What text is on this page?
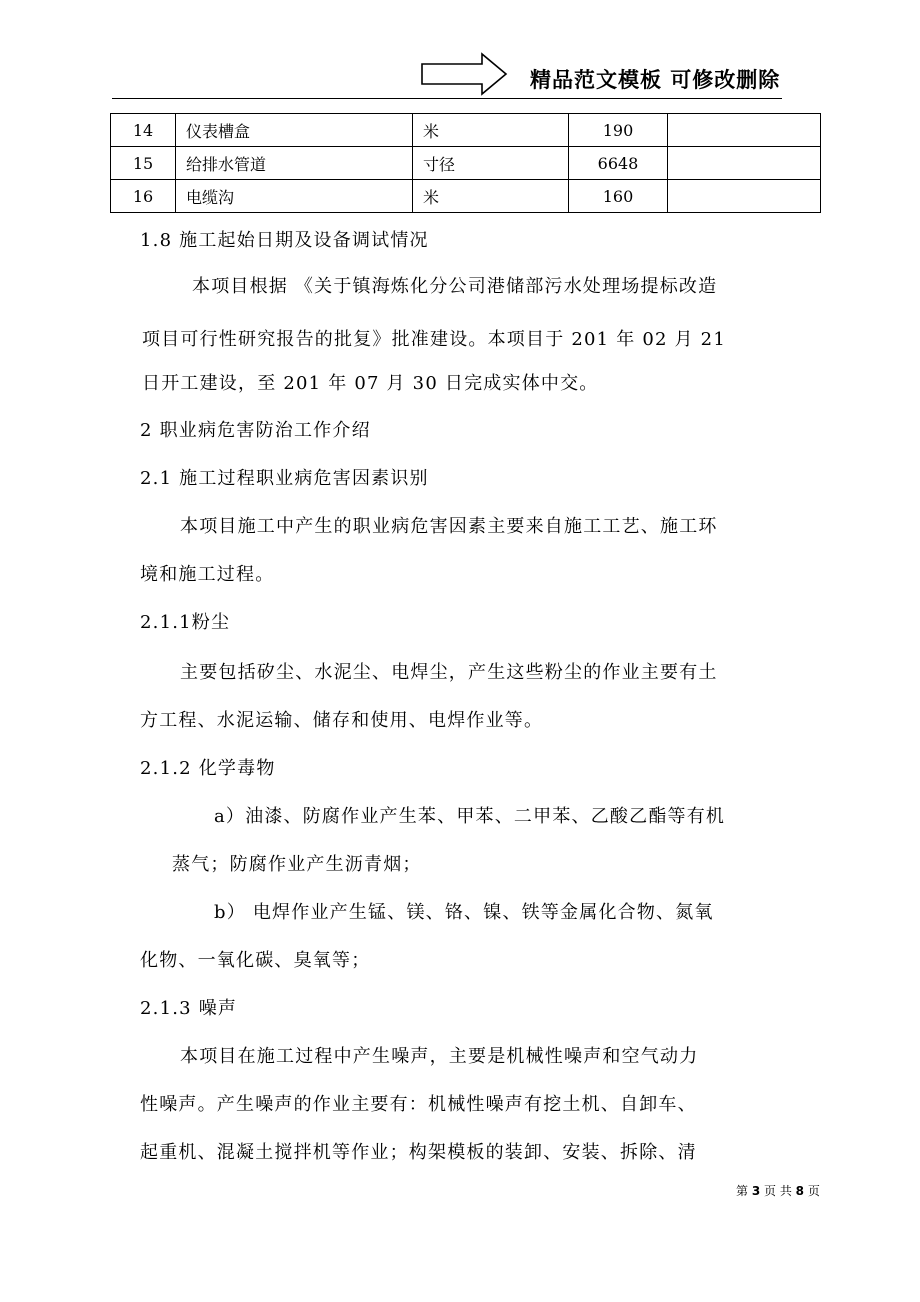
精品范文模板 可修改删除
14	仪表槽盒	米	190	
15	给排水管道	寸径	6648	
16	电缆沟	米	160	
1.8 施工起始日期及设备调试情况
本项目根据 《关于镇海炼化分公司港储部污水处理场提标改造
项目可行性研究报告的批复》批准建设。本项目于 201 年 02 月 21
日开工建设，至 201 年 07 月 30 日完成实体中交。
2 职业病危害防治工作介绍
2.1 施工过程职业病危害因素识别
本项目施工中产生的职业病危害因素主要来自施工工艺、施工环
境和施工过程。
2.1.1粉尘
主要包括矽尘、水泥尘、电焊尘，产生这些粉尘的作业主要有土
方工程、水泥运输、储存和使用、电焊作业等。
2.1.2 化学毒物
a）油漆、防腐作业产生苯、甲苯、二甲苯、乙酸乙酯等有机
蒸气；防腐作业产生沥青烟；
b） 电焊作业产生锰、镁、铬、镍、铁等金属化合物、氮氧
化物、一氧化碳、臭氧等；
2.1.3 噪声
本项目在施工过程中产生噪声，主要是机械性噪声和空气动力
性噪声。产生噪声的作业主要有：机械性噪声有挖土机、自卸车、
起重机、混凝土搅拌机等作业；构架模板的装卸、安装、拆除、清
第 3 页 共 8 页
